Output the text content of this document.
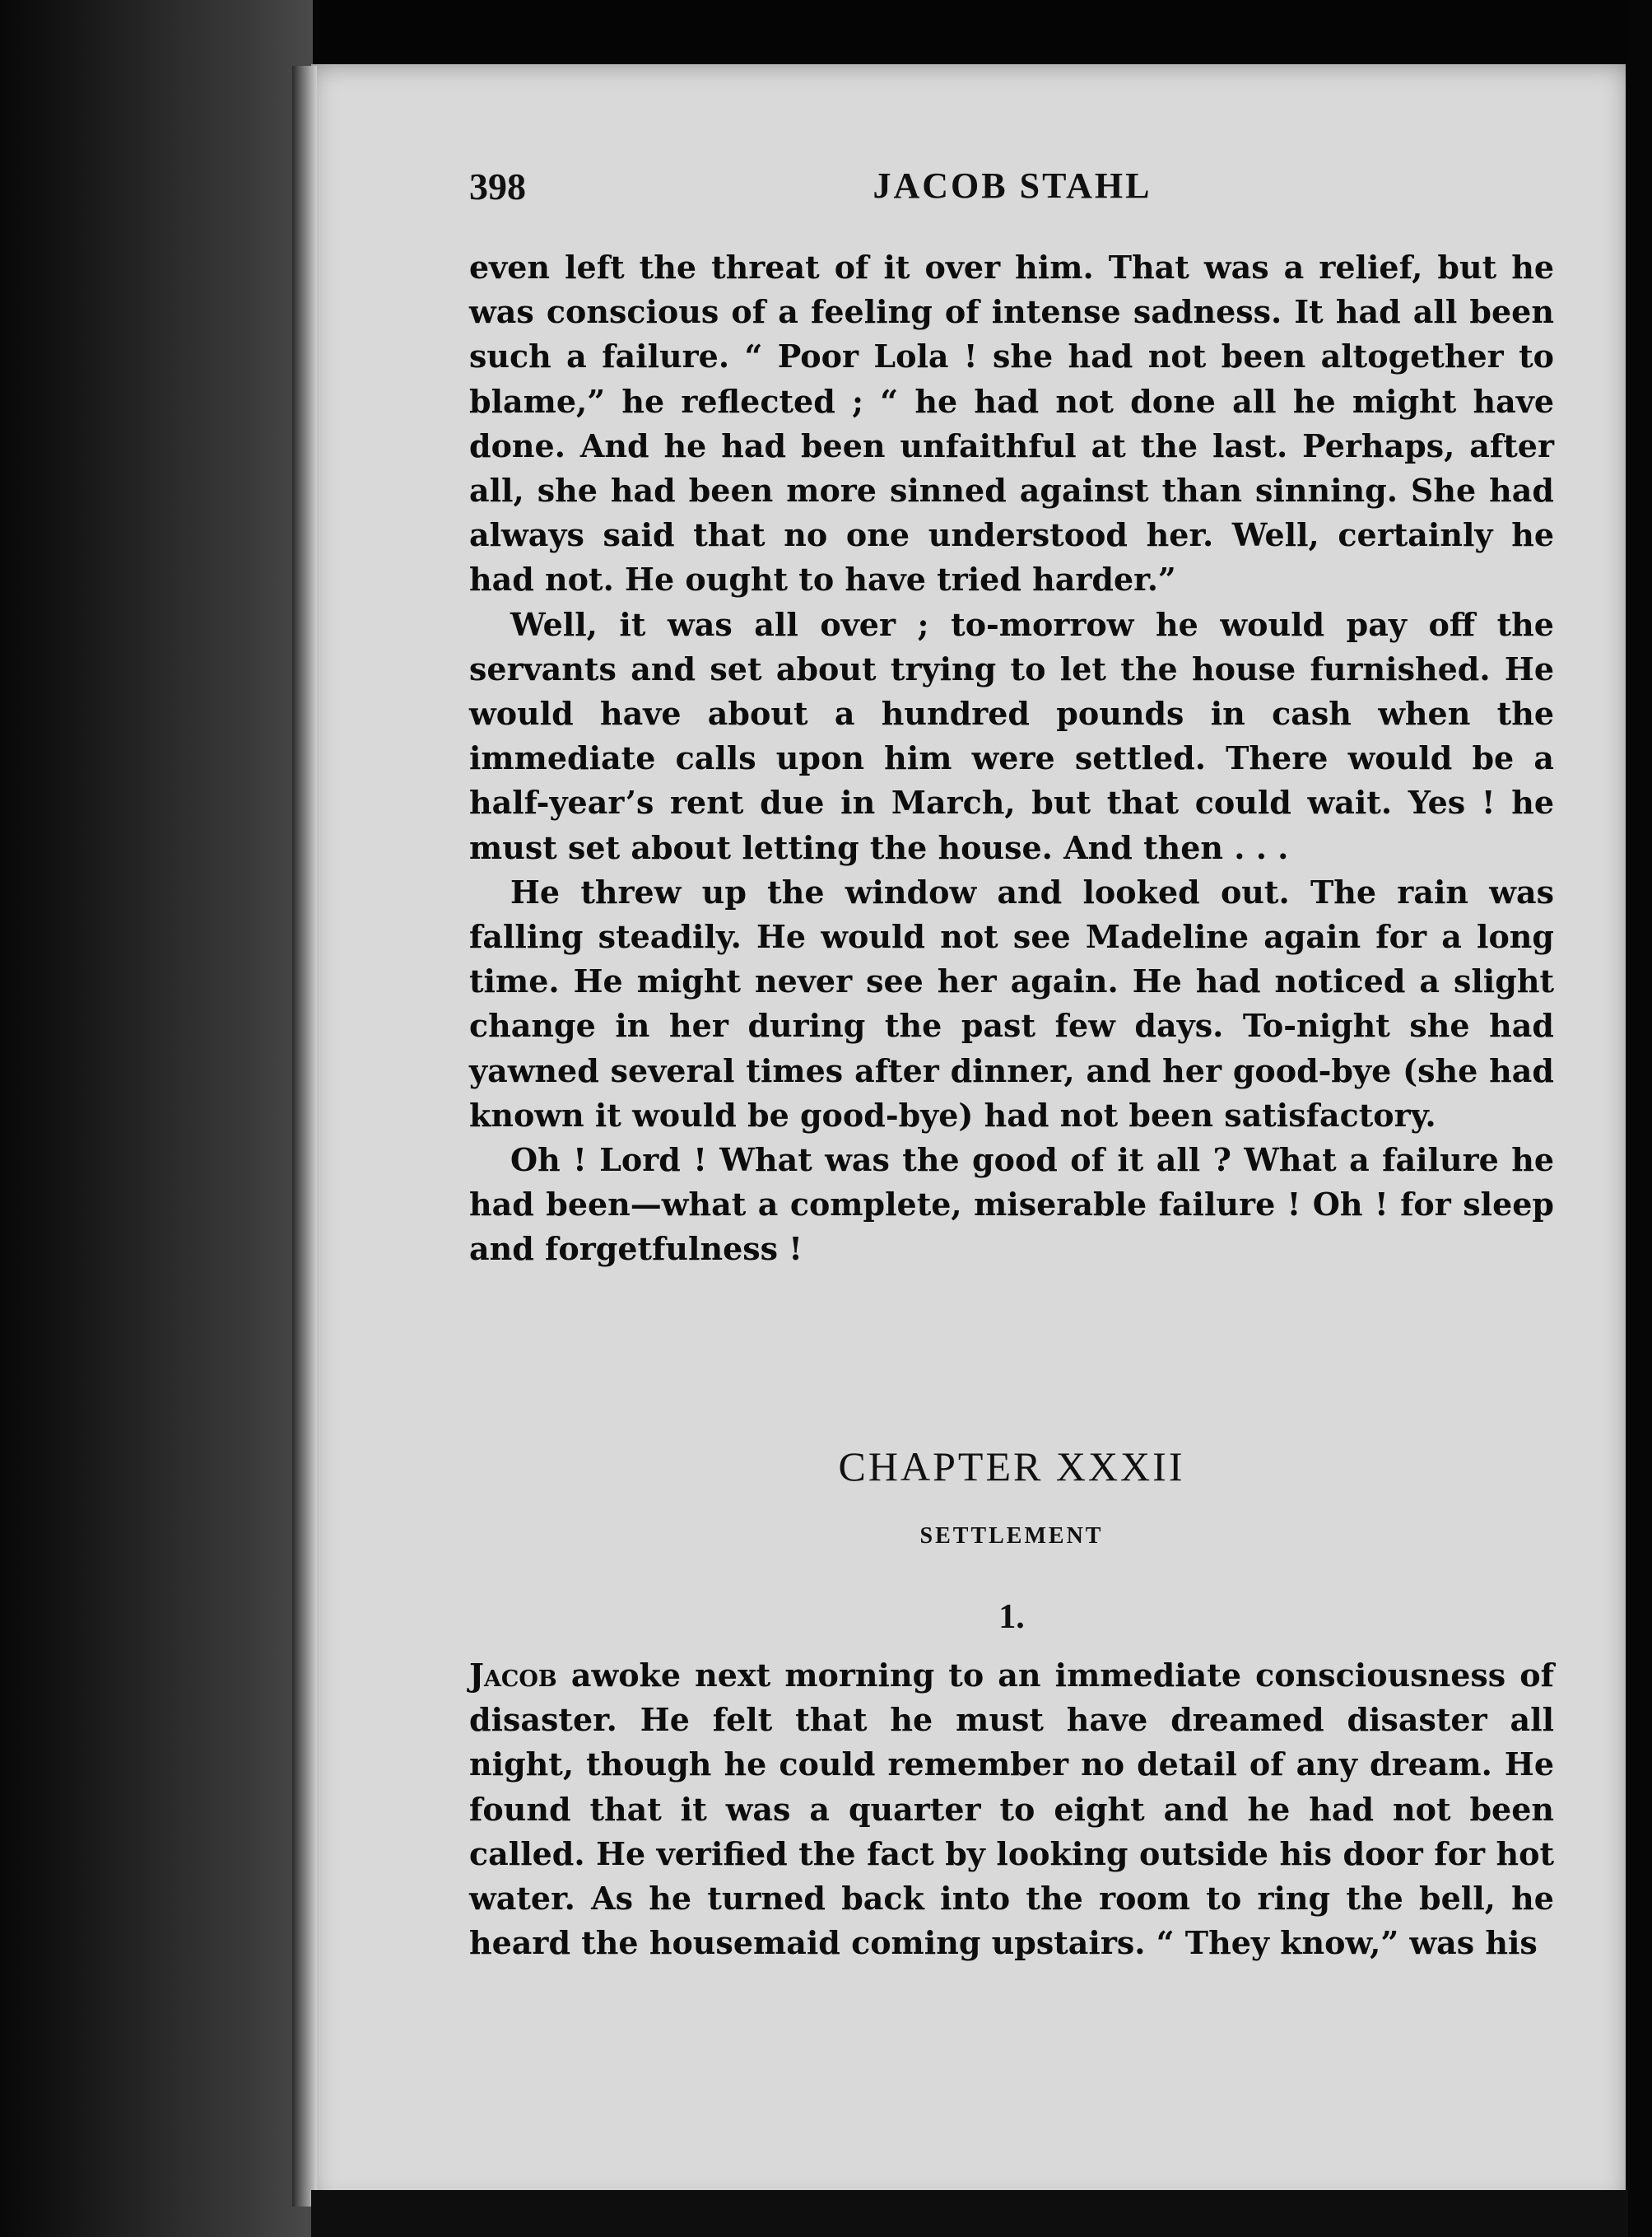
398	JACOB STAHL

even left the threat of it over him. That was a relief, but he was conscious of a feeling of intense sadness. It had all been such a failure. “ Poor Lola ! she had not been altogether to blame,” he reflected ; “ he had not done all he might have done. And he had been unfaithful at the last. Perhaps, after all, she had been more sinned against than sinning. She had always said that no one understood her. Well, certainly he had not. He ought to have tried harder.”

Well, it was all over ; to-morrow he would pay off the servants and set about trying to let the house furnished. He would have about a hundred pounds in cash when the immediate calls upon him were settled. There would be a half-year’s rent due in March, but that could wait. Yes ! he must set about letting the house. And then . . .

He threw up the window and looked out. The rain was falling steadily. He would not see Madeline again for a long time. He might never see her again. He had noticed a slight change in her during the past few days. To-night she had yawned several times after dinner, and her good-bye (she had known it would be good-bye) had not been satisfactory.

Oh ! Lord ! What was the good of it all ? What a failure he had been—what a complete, miserable failure ! Oh ! for sleep and forgetfulness !

CHAPTER XXXII
SETTLEMENT
1.

Jacob awoke next morning to an immediate consciousness of disaster. He felt that he must have dreamed disaster all night, though he could remember no detail of any dream. He found that it was a quarter to eight and he had not been called. He verified the fact by looking outside his door for hot water. As he turned back into the room to ring the bell, he heard the housemaid coming upstairs. “ They know,” was his
